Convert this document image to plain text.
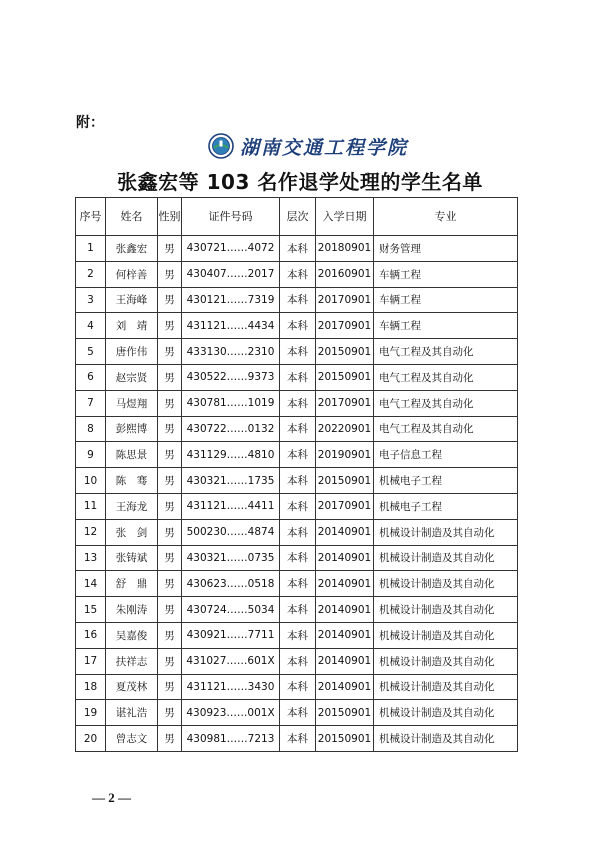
附：
湖南交通工程学院
张鑫宏等 103 名作退学处理的学生名单
序号	姓名	性别	证件号码	层次	入学日期	专业
1	张鑫宏	男	430721……4072	本科	20180901	财务管理
2	何梓善	男	430407……2017	本科	20160901	车辆工程
3	王海峰	男	430121……7319	本科	20170901	车辆工程
4	刘　靖	男	431121……4434	本科	20170901	车辆工程
5	唐作伟	男	433130……2310	本科	20150901	电气工程及其自动化
6	赵宗贤	男	430522……9373	本科	20150901	电气工程及其自动化
7	马煜翔	男	430781……1019	本科	20170901	电气工程及其自动化
8	彭熙博	男	430722……0132	本科	20220901	电气工程及其自动化
9	陈思景	男	431129……4810	本科	20190901	电子信息工程
10	陈　骞	男	430321……1735	本科	20150901	机械电子工程
11	王海龙	男	431121……4411	本科	20170901	机械电子工程
12	张　剑	男	500230……4874	本科	20140901	机械设计制造及其自动化
13	张铸斌	男	430321……0735	本科	20140901	机械设计制造及其自动化
14	舒　鼎	男	430623……0518	本科	20140901	机械设计制造及其自动化
15	朱刚涛	男	430724……5034	本科	20140901	机械设计制造及其自动化
16	吴嘉俊	男	430921……7711	本科	20140901	机械设计制造及其自动化
17	扶祥志	男	431027……601X	本科	20140901	机械设计制造及其自动化
18	夏茂林	男	431121……3430	本科	20140901	机械设计制造及其自动化
19	谌礼浩	男	430923……001X	本科	20150901	机械设计制造及其自动化
20	曾志文	男	430981……7213	本科	20150901	机械设计制造及其自动化
— 2 —
